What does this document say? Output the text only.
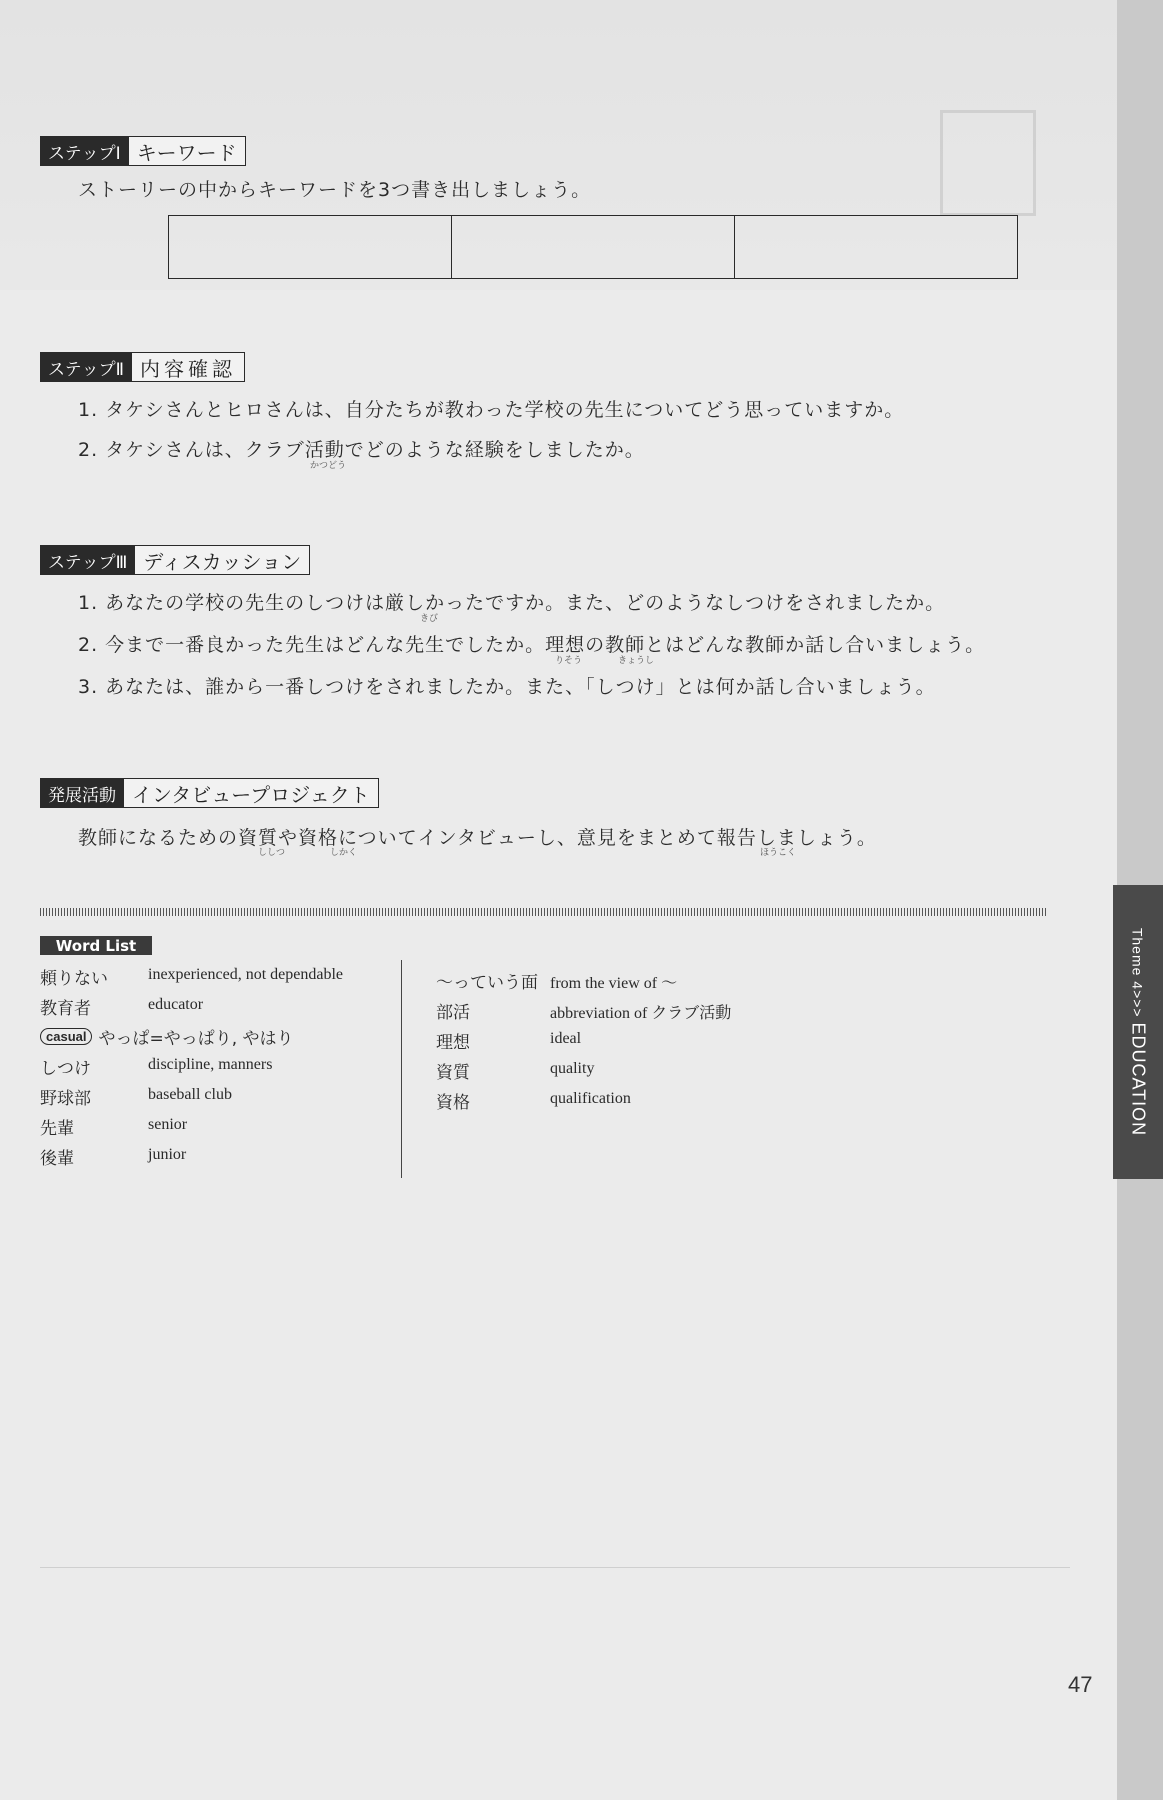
ステップⅠ キーワード
ストーリーの中からキーワードを3つ書き出しましょう。
ステップⅡ 内容確認
1. タケシさんとヒロさんは、自分たちが教わった学校の先生についてどう思っていますか。
2. タケシさんは、クラブ活動でどのような経験をしましたか。
かつどう
ステップⅢ ディスカッション
1. あなたの学校の先生のしつけは厳しかったですか。また、どのようなしつけをされましたか。
きび
2. 今まで一番良かった先生はどんな先生でしたか。理想の教師とはどんな教師か話し合いましょう。
りそう	きょうし
3. あなたは、誰から一番しつけをされましたか。また、「しつけ」とは何か話し合いましょう。
発展活動 インタビュープロジェクト
教師になるための資質や資格についてインタビューし、意見をまとめて報告しましょう。
ししつ	しかく	ほうこく
Word List
頼りない	inexperienced, not dependable
教育者	educator
casual やっぱ=やっぱり, やはり
しつけ	discipline, manners
野球部	baseball club
先輩	senior
後輩	junior
〜っていう面 from the view of 〜
部活	abbreviation of クラブ活動
理想	ideal
資質	quality
資格	qualification
Theme 4>>> EDUCATION
47
